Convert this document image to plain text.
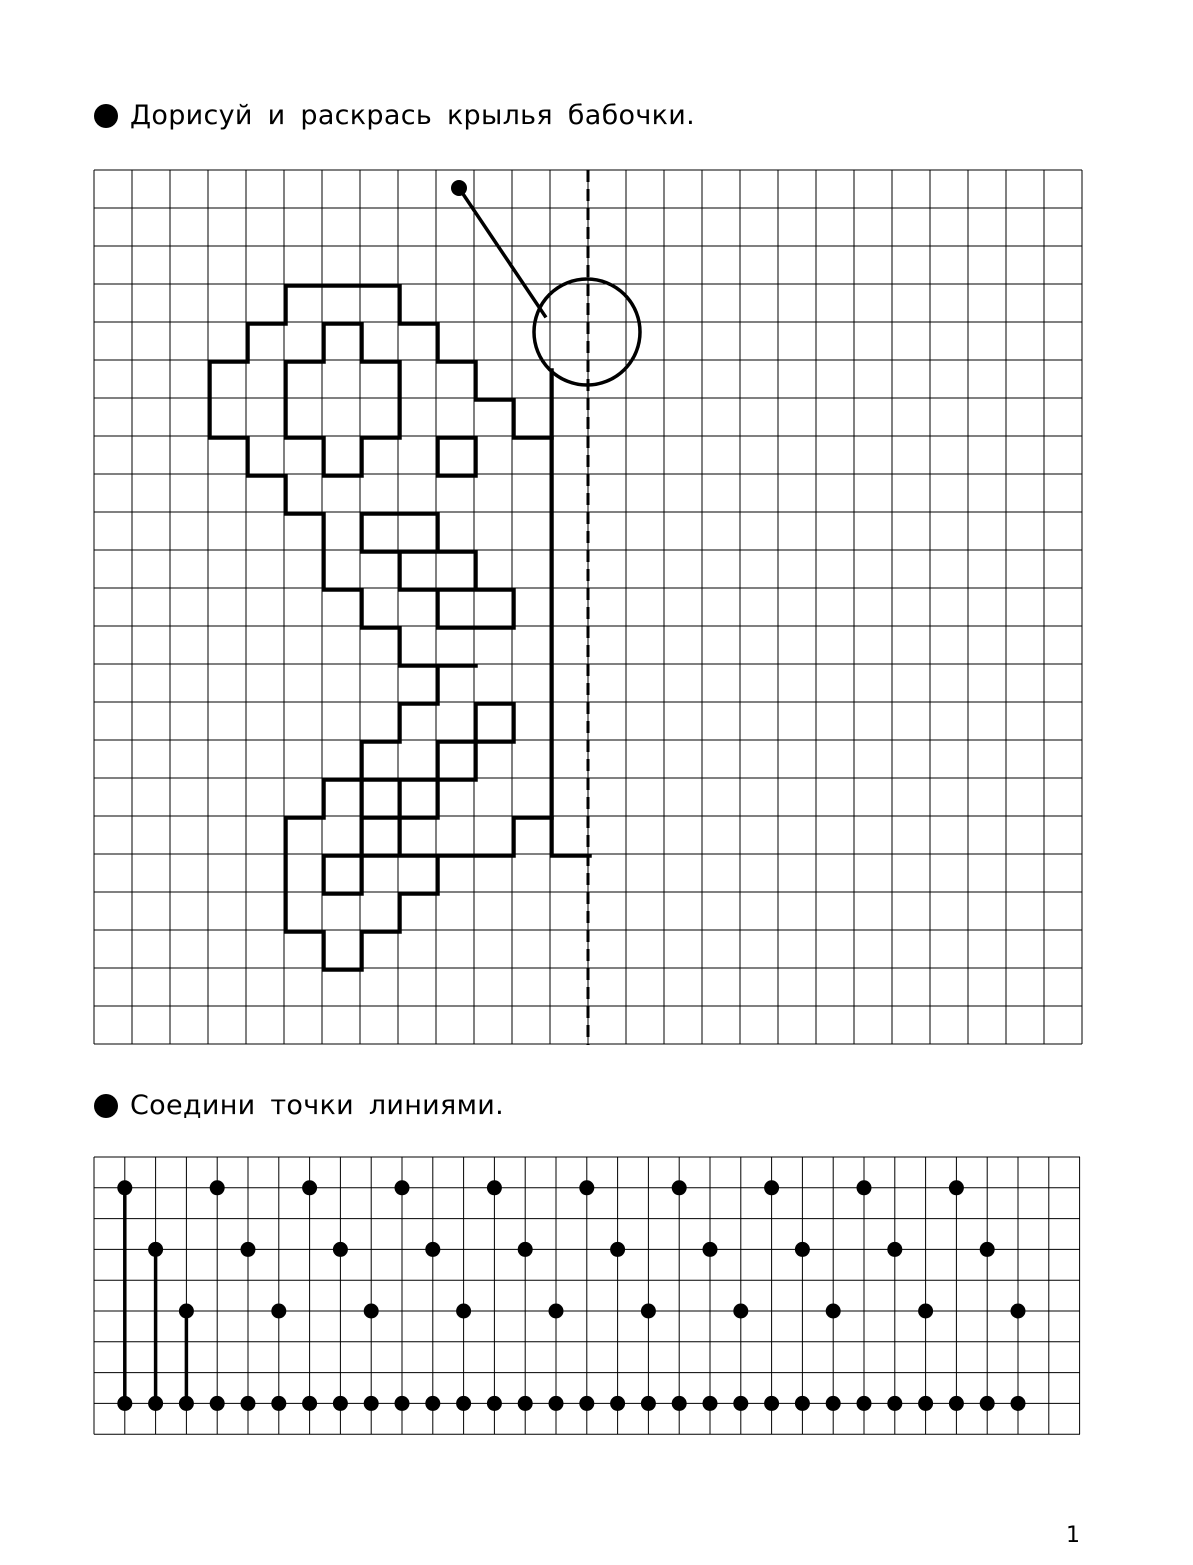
Дорисуй и раскрась крылья бабочки.
Соедини точки линиями.
1
